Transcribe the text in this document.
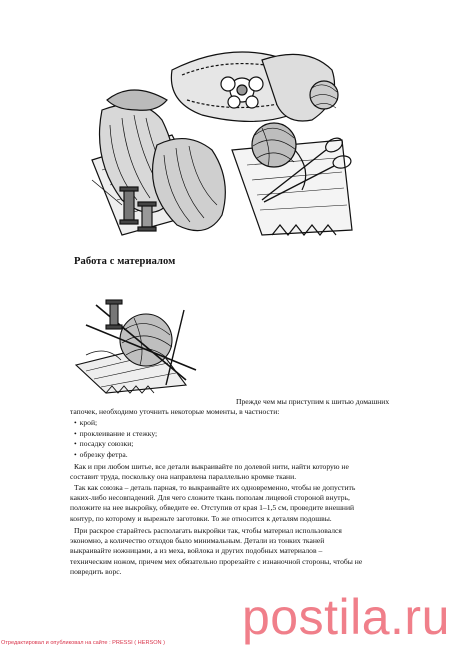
Работа с материалом
Прежде чем мы приступим к шитью домашних
тапочек, необходимо уточнить некоторые моменты, в частности:
• крой;
• проклеивание и стежку;
• посадку союзки;
• обрезку фетра.
Как и при любом шитье, все детали выкраивайте по долевой нити, найти которую не
составит труда, поскольку она направлена параллельно кромке ткани.
Так как союзка – деталь парная, то выкраивайте их одновременно, чтобы не допустить
каких-либо несовпадений. Для чего сложите ткань пополам лицевой стороной внутрь,
положите на нее выкройку, обведите ее. Отступив от края 1–1,5 см, проведите внешний
контур, по которому и вырежьте заготовки. То же относится к деталям подошвы.
При раскрое старайтесь располагать выкройки так, чтобы материал использовался
экономно, а количество отходов было минимальным. Детали из тонких тканей
выкраивайте ножницами, а из меха, войлока и других подобных материалов –
техническим ножом, причем мех обязательно прорезайте с изнаночной стороны, чтобы не
повредить ворс.
postila.ru
Отредактировал и опубликовал на сайте : PRESSI ( HERSON )
